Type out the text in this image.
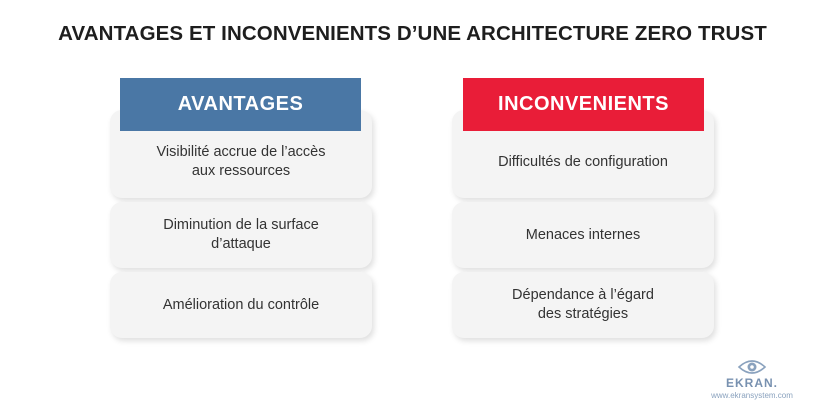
AVANTAGES ET INCONVENIENTS D’UNE ARCHITECTURE ZERO TRUST
Visibilité accrue de l’accès
aux ressources
Diminution de la surface
d’attaque
Amélioration du contrôle
AVANTAGES
Difficultés de configuration
Menaces internes
Dépendance à l’égard
des stratégies
INCONVENIENTS
EKRAN.
www.ekransystem.com
